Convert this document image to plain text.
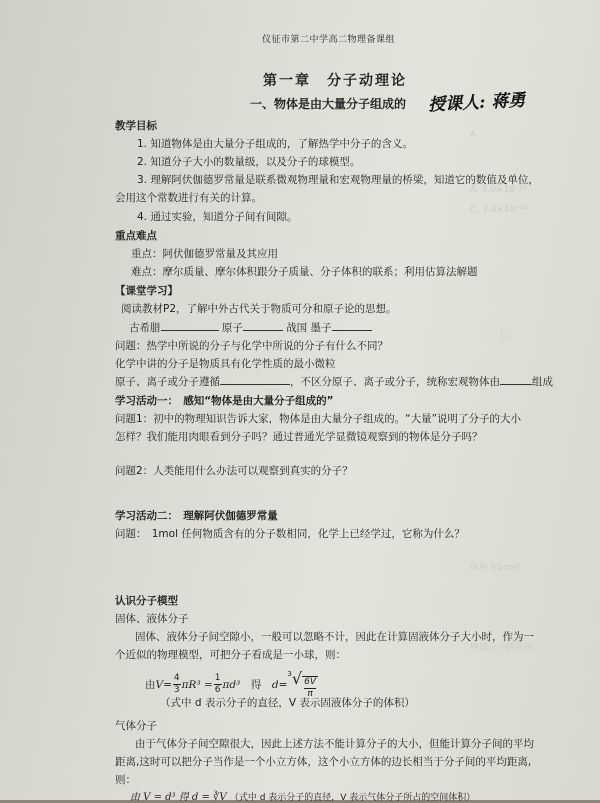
A.
A. 3.0×10⁻²⁶
C. 3.0×10⁻¹⁰
C.
体积为1cm³
则该分子的直径
仪征市第二中学高二物理备课组
第一章　分子动理论
一、物体是由大量分子组成的 授课人: 蒋勇
教学目标
1. 知道物体是由大量分子组成的，了解热学中分子的含义。
2. 知道分子大小的数量级，以及分子的球模型。
3. 理解阿伏伽德罗常量是联系微观物理量和宏观物理量的桥梁，知道它的数值及单位，
会用这个常数进行有关的计算。
4. 通过实验，知道分子间有间隙。
重点难点
重点：阿伏伽德罗常量及其应用
难点：摩尔质量、摩尔体积跟分子质量、分子体积的联系；利用估算法解题
【课堂学习】
阅读教材P2，了解中外古代关于物质可分和原子论的思想。
古希腊	原子	战国 墨子
问题：热学中所说的分子与化学中所说的分子有什么不同？
化学中讲的分子是物质具有化学性质的最小微粒
原子、离子或分子遵循	，不区分原子、离子或分子，统称宏观物体由	组成
学习活动一：　感知“物体是由大量分子组成的”
问题1：初中的物理知识告诉大家，物体是由大量分子组成的。“大量”说明了分子的大小
怎样？我们能用肉眼看到分子吗？通过普通光学显微镜观察到的物体是分子吗？
问题2：人类能用什么办法可以观察到真实的分子？
学习活动二：　理解阿伏伽德罗常量
问题：　1mol 任何物质含有的分子数相同，化学上已经学过，它称为什么？
认识分子模型
固体、液体分子
固体、液体分子间空隙小，一般可以忽略不计，因此在计算固液体分子大小时，作为一
个近似的物理模型，可把分子看成是一小球，则：
由 $V = \frac{4}{3} \pi R^3 = \frac{1}{6} \pi d^3$ 　得　 d =
$^3√ \frac{6V}{\pi}$
（式中 d 表示分子的直径，V 表示固液体分子的体积）
气体分子
由于气体分子间空隙很大，因此上述方法不能计算分子的大小，但能计算分子间的平均
距离,这时可以把分子当作是一个小立方体，这个小立方体的边长相当于分子间的平均距离,
则：
由 V = d³ 得 d = ∛V （式中 d 表示分子的直径，V 表示气体分子所占的空间体积）
